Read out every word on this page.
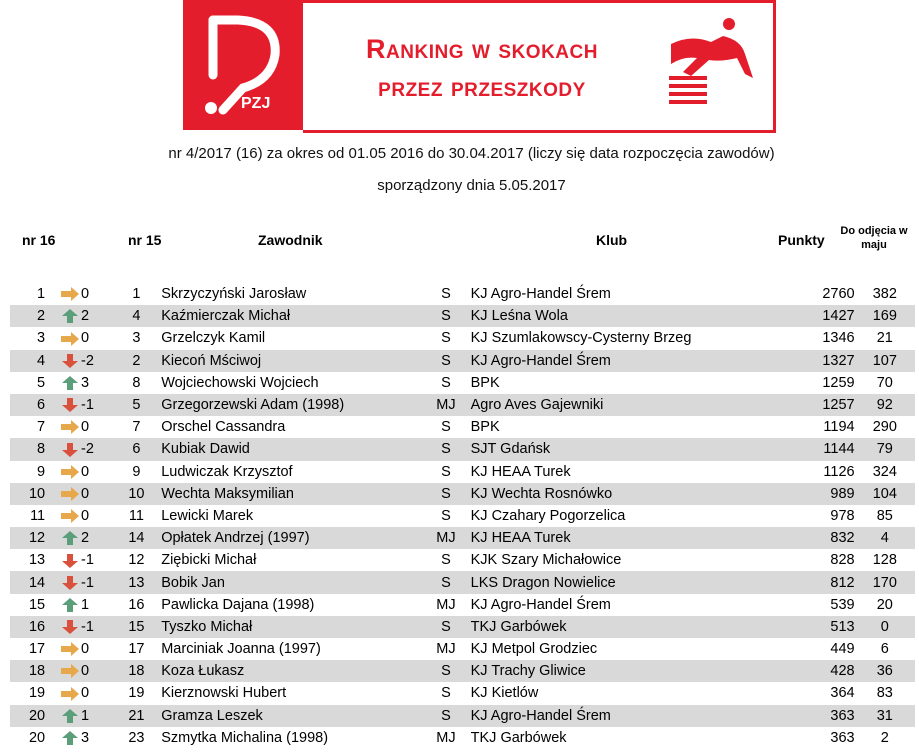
PZJ
Ranking w skokach
przez przeszkody
nr 4/2017 (16) za okres od 01.05 2016 do 30.04.2017 (liczy się data rozpoczęcia zawodów)
sporządzony dnia 5.05.2017
nr 16	nr 15	Zawodnik	Klub	Punkty
Do odjęcia w
maju
1		0	1	Skrzyczyński Jarosław	S	KJ Agro-Handel Śrem	2760	382
2		2	4	Kaźmierczak Michał	S	KJ Leśna Wola	1427	169
3		0	3	Grzelczyk Kamil	S	KJ Szumlakowscy-Cysterny Brzeg	1346	21
4		-2	2	Kiecoń Mściwoj	S	KJ Agro-Handel Śrem	1327	107
5		3	8	Wojciechowski Wojciech	S	BPK	1259	70
6		-1	5	Grzegorzewski Adam (1998)	MJ	Agro Aves Gajewniki	1257	92
7		0	7	Orschel Cassandra	S	BPK	1194	290
8		-2	6	Kubiak Dawid	S	SJT Gdańsk	1144	79
9		0	9	Ludwiczak Krzysztof	S	KJ HEAA Turek	1126	324
10		0	10	Wechta Maksymilian	S	KJ Wechta Rosnówko	989	104
11		0	11	Lewicki Marek	S	KJ Czahary Pogorzelica	978	85
12		2	14	Opłatek Andrzej (1997)	MJ	KJ HEAA Turek	832	4
13		-1	12	Ziębicki Michał	S	KJK Szary Michałowice	828	128
14		-1	13	Bobik Jan	S	LKS Dragon Nowielice	812	170
15		1	16	Pawlicka Dajana (1998)	MJ	KJ Agro-Handel Śrem	539	20
16		-1	15	Tyszko Michał	S	TKJ Garbówek	513	0
17		0	17	Marciniak Joanna (1997)	MJ	KJ Metpol Grodziec	449	6
18		0	18	Koza Łukasz	S	KJ Trachy Gliwice	428	36
19		0	19	Kierznowski Hubert	S	KJ Kietlów	364	83
20		1	21	Gramza Leszek	S	KJ Agro-Handel Śrem	363	31
20		3	23	Szmytka Michalina (1998)	MJ	TKJ Garbówek	363	2
